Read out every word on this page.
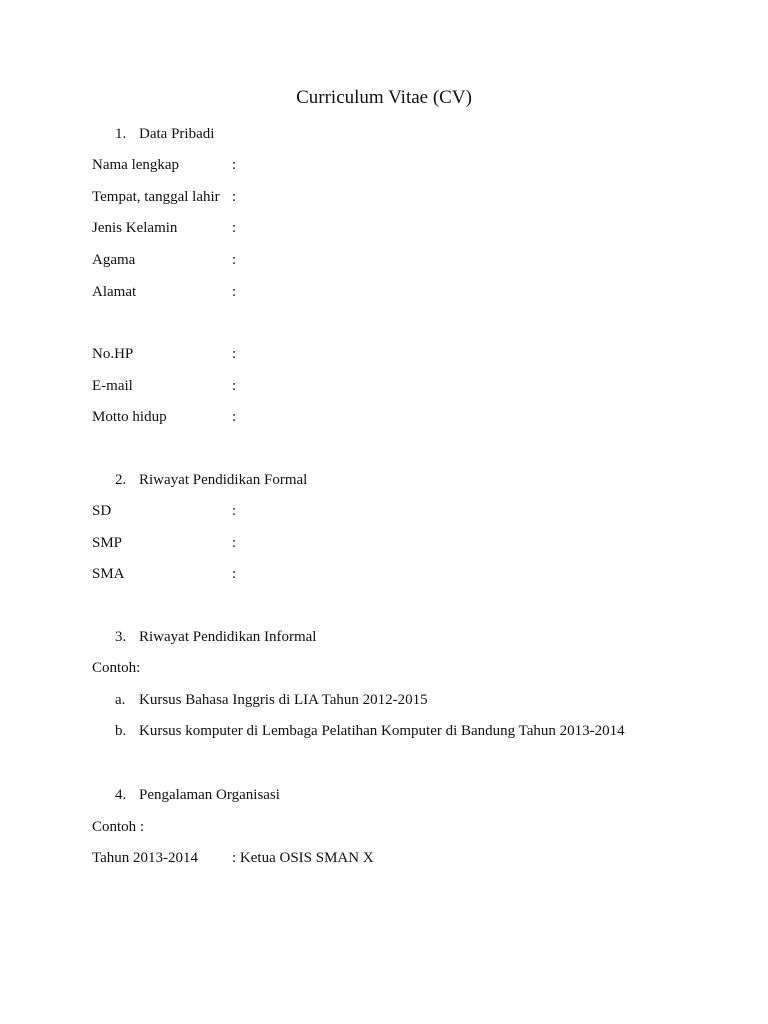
Curriculum Vitae (CV)
1. Data Pribadi
Nama lengkap	:
Tempat, tanggal lahir :
Jenis Kelamin	:
Agama	:
Alamat	:
No.HP	:
E-mail	:
Motto hidup	:
2. Riwayat Pendidikan Formal
SD	:
SMP	:
SMA	:
3. Riwayat Pendidikan Informal
Contoh:
a. Kursus Bahasa Inggris di LIA Tahun 2012-2015
b. Kursus komputer di Lembaga Pelatihan Komputer di Bandung Tahun 2013-2014
4. Pengalaman Organisasi
Contoh :
Tahun 2013-2014 : Ketua OSIS SMAN X
